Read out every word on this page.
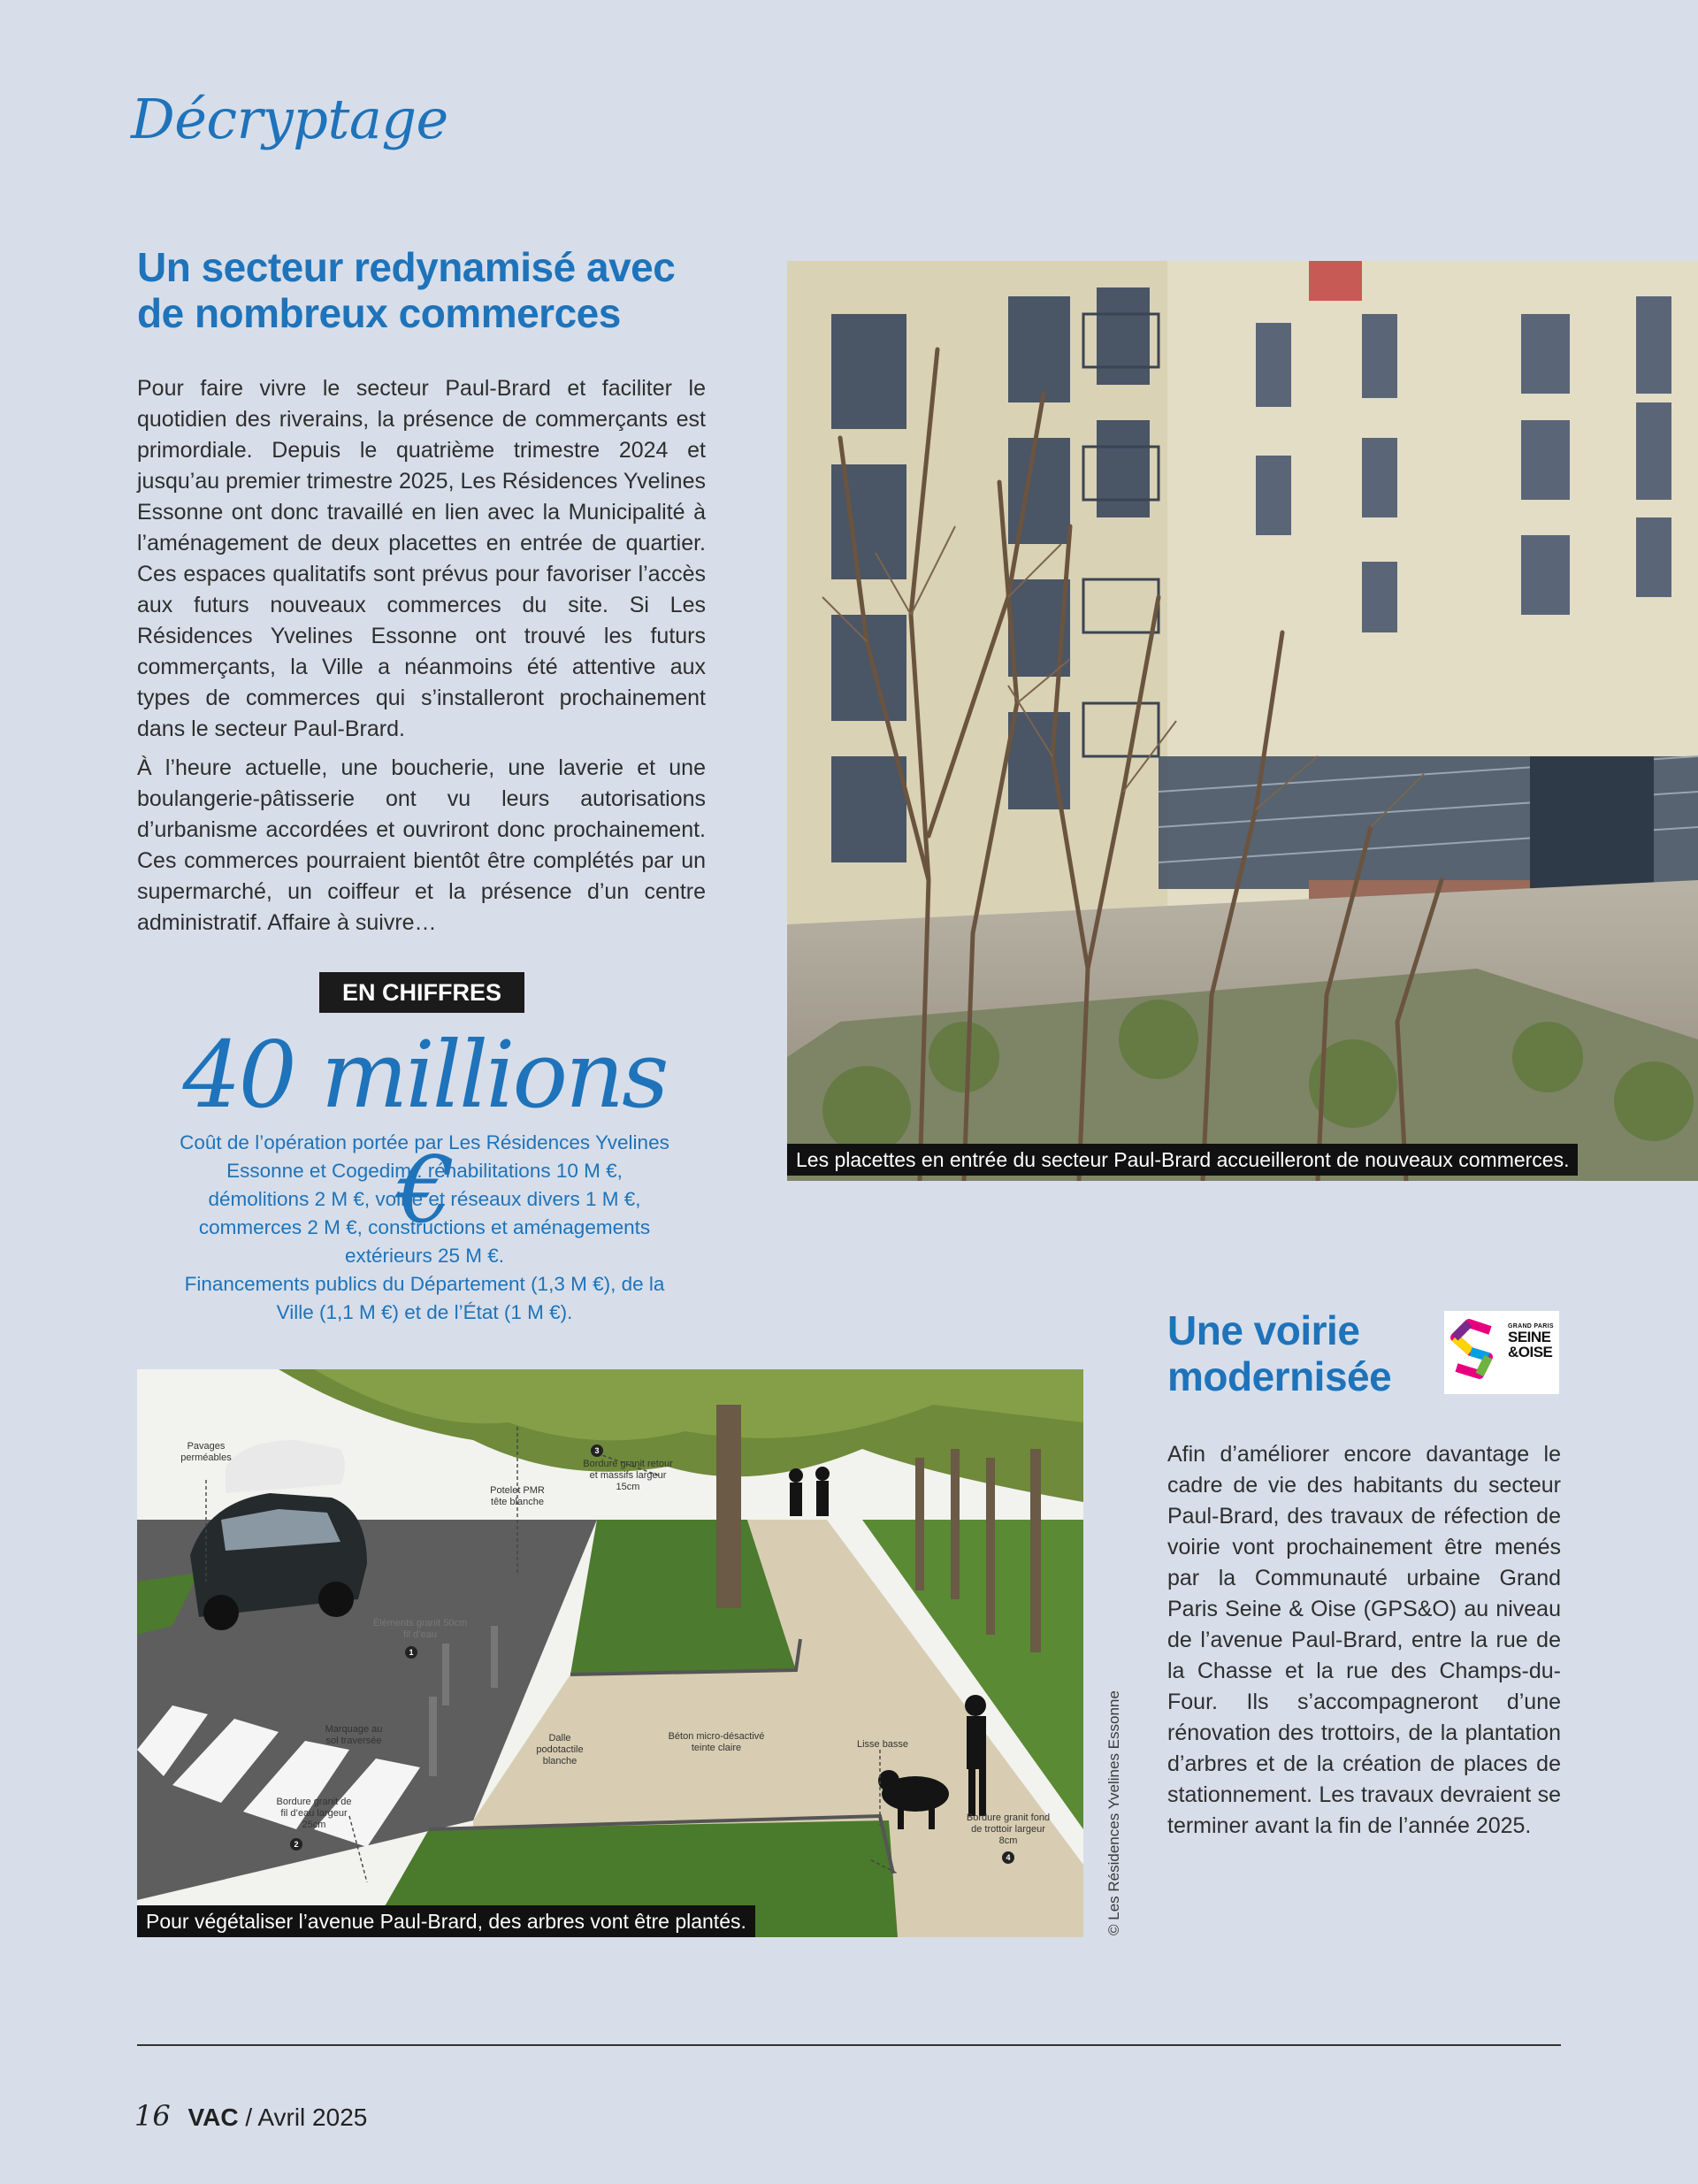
Décryptage
Un secteur redynamisé avec
de nombreux commerces

Pour faire vivre le secteur Paul-Brard et faciliter le quotidien des riverains, la présence de commerçants est primordiale. Depuis le quatrième trimestre 2024 et jusqu’au premier trimestre 2025, Les Résidences Yvelines Essonne ont donc travaillé en lien avec la Municipalité à l’aménagement de deux placettes en entrée de quartier. Ces espaces qualitatifs sont prévus pour favoriser l’accès aux futurs nouveaux commerces du site. Si Les Résidences Yvelines Essonne ont trouvé les futurs commerçants, la Ville a néanmoins été attentive aux types de commerces qui s’installeront prochainement dans le secteur Paul-Brard.

À l’heure actuelle, une boucherie, une laverie et une boulangerie-pâtisserie ont vu leurs autorisations d’urbanisme accordées et ouvriront donc prochainement. Ces commerces pourraient bientôt être complétés par un supermarché, un coiffeur et la présence d’un centre administratif. Affaire à suivre…

EN CHIFFRES
40 millions €
Coût de l’opération portée par Les Résidences Yvelines Essonne et Cogedim : réhabilitations 10 M €, démolitions 2 M €, voirie et réseaux divers 1 M €, commerces 2 M €, constructions et aménagements extérieurs 25 M €.
Financements publics du Département (1,3 M €), de la Ville (1,1 M €) et de l’État (1 M €).
Les placettes en entrée du secteur Paul-Brard accueilleront de nouveaux commerces.
Pavages perméables
Potelet PMR tête blanche
Bordure granit retour et massifs largeur 15cm
Éléments granit 50cm fil d’eau
Marquage au sol traversée	Dalle podotactile blanche
Béton micro-désactivé teinte claire	Lisse basse
Bordure granit de fil d’eau largeur 25cm
Bordure granit fond de trottoir largeur 8cm
1
2
3
4
Pour végétaliser l’avenue Paul-Brard, des arbres vont être plantés.	© Les Résidences Yvelines Essonne
Une voirie
modernisée
GRAND PARIS
SEINE
&OISE

Afin d’améliorer encore davantage le cadre de vie des habitants du secteur Paul-Brard, des travaux de réfection de voirie vont prochainement être menés par la Communauté urbaine Grand Paris Seine & Oise (GPS&O) au niveau de l’avenue Paul-Brard, entre la rue de la Chasse et la rue des Champs-du-Four. Ils s’accompagneront d’une rénovation des trottoirs, de la plantation d’arbres et de la création de places de stationnement. Les travaux devraient se terminer avant la fin de l’année 2025.

16 VAC / Avril 2025
